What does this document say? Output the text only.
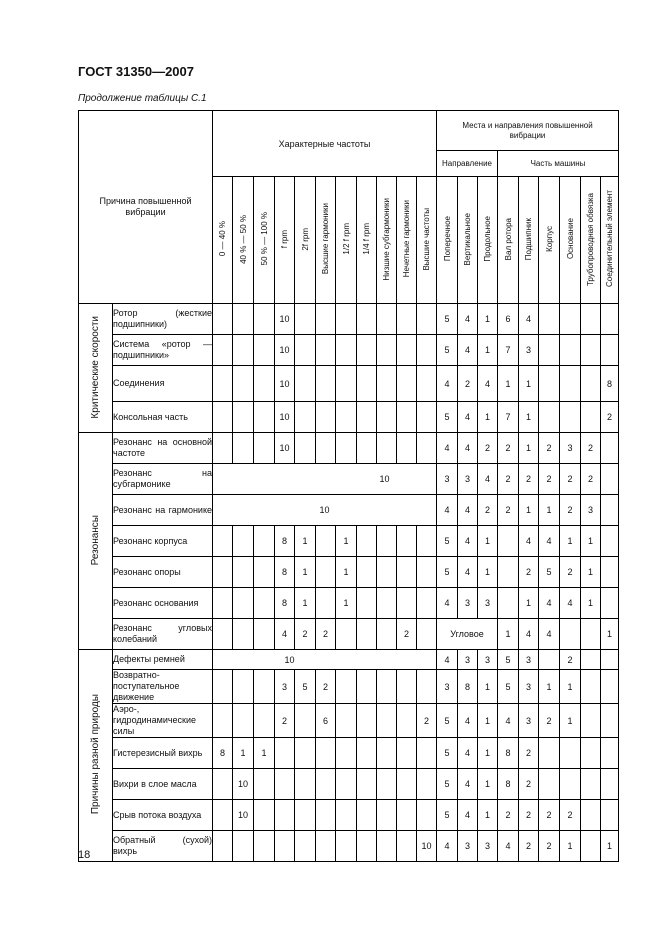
ГОСТ 31350—2007
Продолжение таблицы С.1
Причина повышенной вибрации		Характерные частоты											Места и направления повышенной вибрации								
													Направление			Часть машины					
		0 — 40 %	40 % — 50 %	50 % — 100 %	f rpm	2f rpm	Высшие гармоники	1/2 f rpm	1/4 f rpm	Низшие субгармоники	Нечетные гармоники	Высшие частоты	Поперечное	Вертикальное	Продольное	Вал ротора	Подшипник	Корпус	Основание	Трубопроводная обвязка	Соединительный элемент
Критические скорости	Ротор (жесткие подшипники)				10								5	4	1	6	4				
	Система «ротор — подшипники»				10								5	4	1	7	3				
	Соединения				10								4	2	4	1	1				8
	Консольная часть				10								5	4	1	7	1				2
Резонансы	Резонанс на основной частоте				10								4	4	2	2	1	2	3	2	
	Резонанс на субгармонике	10											3	3	4	2	2	2	2	2	
	Резонанс на гармонике	10											4	4	2	2	1	1	2	3	
	Резонанс корпуса				8	1		1					5	4	1		4	4	1	1	
	Резонанс опоры				8	1		1					5	4	1		2	5	2	1	
	Резонанс основания				8	1		1					4	3	3		1	4	4	1	
	Резонанс угловых колебаний				4	2	2				2		Угловое			1	4	4			1
Причины разной природы	Дефекты ремней	10											4	3	3	5	3		2		
	Возвратно-поступательное движение				3	5	2						3	8	1	5	3	1	1		
	Аэро-, гидродинамические силы				2		6					2	5	4	1	4	3	2	1		
	Гистерезисный вихрь	8	1	1									5	4	1	8	2				
	Вихри в слое масла		10										5	4	1	8	2				
	Срыв потока воздуха		10										5	4	1	2	2	2	2		
	Обратный (сухой) вихрь											10	4	3	3	4	2	2	1		1
18
